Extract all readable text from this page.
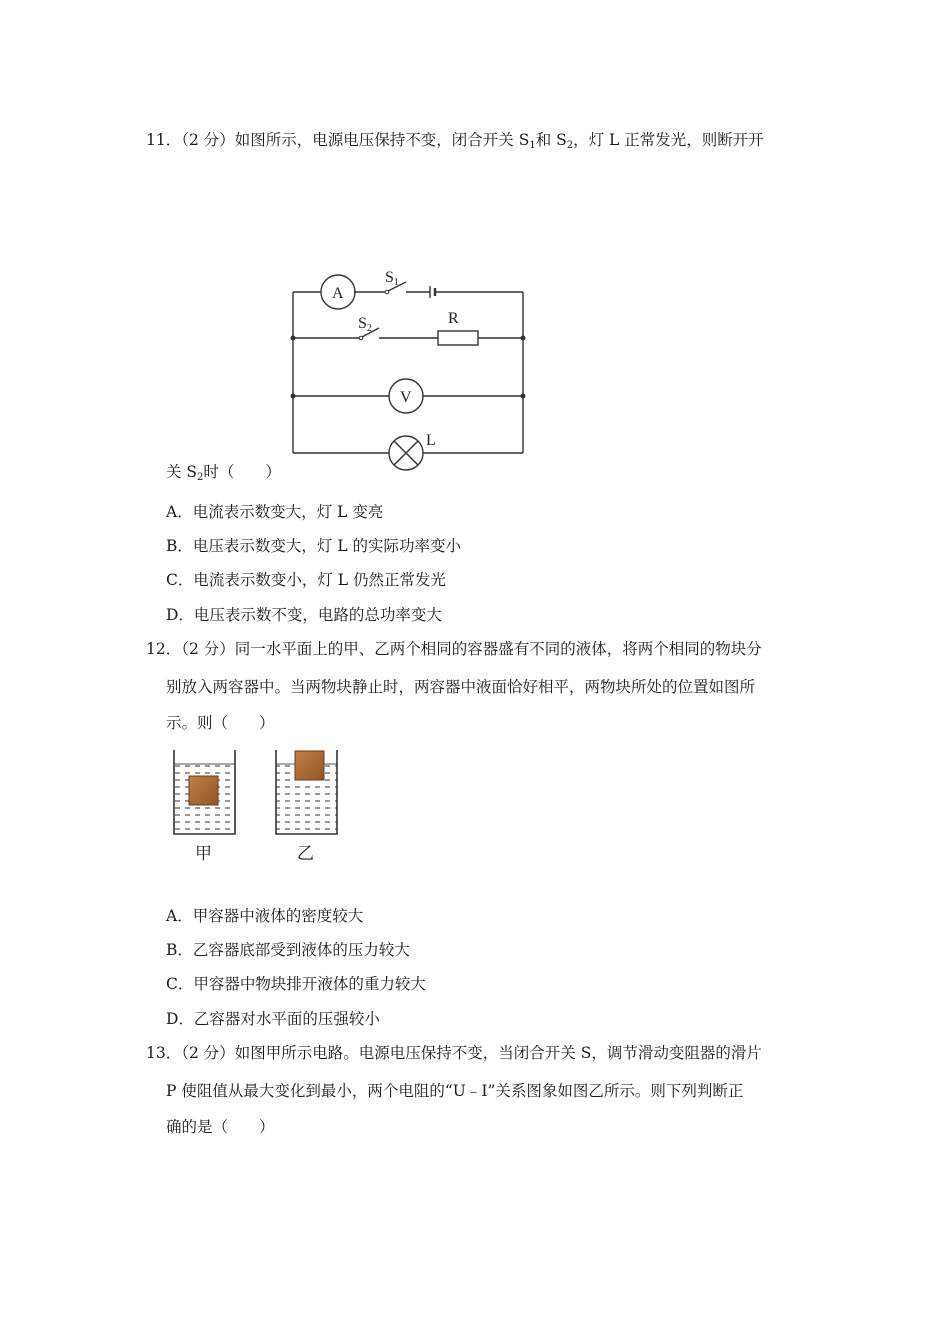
11．（2 分）如图所示，电源电压保持不变，闭合开关 $S_1$和 $S_2$，灯 L 正常发光，则断开开
A
V
S1
S2
R
L
关 $S_2$时（　　）
A．电流表示数变大，灯 L 变亮
B．电压表示数变大，灯 L 的实际功率变小
C．电流表示数变小，灯 L 仍然正常发光
D．电压表示数不变，电路的总功率变大
12．（2 分）同一水平面上的甲、乙两个相同的容器盛有不同的液体，将两个相同的物块分
别放入两容器中。当两物块静止时，两容器中液面恰好相平，两物块所处的位置如图所
示。则（　　）
甲	乙
A．甲容器中液体的密度较大
B．乙容器底部受到液体的压力较大
C．甲容器中物块排开液体的重力较大
D．乙容器对水平面的压强较小
13．（2 分）如图甲所示电路。电源电压保持不变，当闭合开关 S，调节滑动变阻器的滑片
P 使阻值从最大变化到最小，两个电阻的“U﹣I”关系图象如图乙所示。则下列判断正
确的是（　　）
